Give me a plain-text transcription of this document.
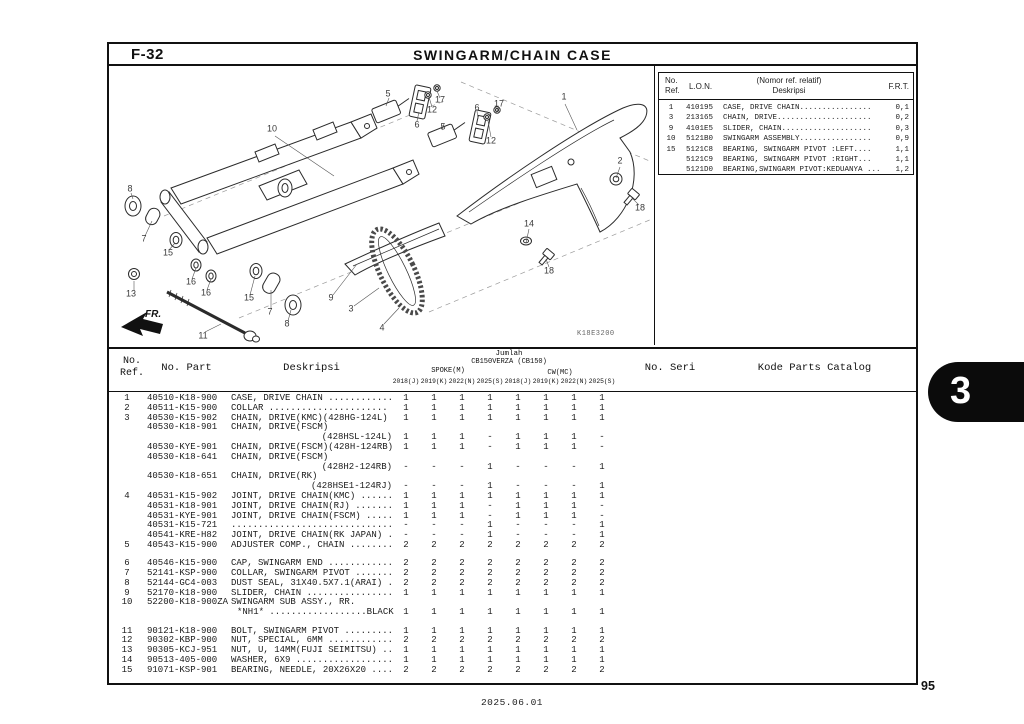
F-32	SWINGARM/CHAIN CASE
8
10
5
17
12
6 5
6 17
12
1
2
18
14
18
7
15
13
16
16	15
7
8
9
3
4
11
FR.
K18E3200
No.
Ref. L.O.N.
(Nomor ref. relatif)
Deskripsi	F.R.T.
1	410195 CASE, DRIVE CHAIN................	0,1
3	213165 CHAIN, DRIVE.....................	0,2
9	4101E5 SLIDER, CHAIN....................	0,3
10	5121B0 SWINGARM ASSEMBLY................	0,9
15	5121C8 BEARING, SWINGARM PIVOT :LEFT....	1,1
5121C9 BEARING, SWINGARM PIVOT :RIGHT...	1,1
5121D0 BEARING,SWINGARM PIVOT:KEDUANYA ... 1,2
No.
Ref.	No. Part	Deskripsi
Jumlah
CB150VERZA (CB150)
SPOKE(M)	CW(MC)	No. Seri	Kode Parts Catalog
2018(J) 2019(K) 2022(N) 2025(S) 2018(J) 2019(K) 2022(N) 2025(S)
1	40510-K18-900 CASE, DRIVE CHAIN ............	1	1	1	1	1	1	1	1
2	40511-K15-900 COLLAR ......................	1	1	1	1	1	1	1	1
3	40530-K15-902 CHAIN, DRIVE(KMC)(428HG-124L)	1	1	1	1	1	1	1	1
40530-K18-901 CHAIN, DRIVE(FSCM)
(428HSL-124L)	1	1	1	-	1	1	1	-
40530-KYE-901 CHAIN, DRIVE(FSCM)(428H-124RB)	1	1	1	-	1	1	1	-
40530-K18-641 CHAIN, DRIVE(FSCM)
(428H2-124RB)	-	-	-	1	-	-	-	1
40530-K18-651 CHAIN, DRIVE(RK)
(428HSE1-124RJ)	-	-	-	1	-	-	-	1
4	40531-K15-902 JOINT, DRIVE CHAIN(KMC) ......	1	1	1	1	1	1	1	1
40531-K18-901 JOINT, DRIVE CHAIN(RJ) .......	1	1	1	-	1	1	1	-
40531-KYE-901 JOINT, DRIVE CHAIN(FSCM) .....	1	1	1	-	1	1	1	-
40531-K15-721 ..............................	-	-	-	1	-	-	-	1
40541-KRE-H82 JOINT, DRIVE CHAIN(RK JAPAN) .	-	-	-	1	-	-	-	1
5	40543-K15-900 ADJUSTER COMP., CHAIN ........	2	2	2	2	2	2	2	2
6	40546-K15-900 CAP, SWINGARM END ............	2	2	2	2	2	2	2	2
7	52141-KSP-900 COLLAR, SWINGARM PIVOT .......	2	2	2	2	2	2	2	2
8	52144-GC4-003 DUST SEAL, 31X40.5X7.1(ARAI) .	2	2	2	2	2	2	2	2
9	52170-K18-900 SLIDER, CHAIN ................	1	1	1	1	1	1	1	1
10	52200-K18-900ZA SWINGARM SUB ASSY., RR.
*NH1* ..................BLACK	1	1	1	1	1	1	1	1
11	90121-K18-900 BOLT, SWINGARM PIVOT .........	1	1	1	1	1	1	1	1
12	90302-KBP-900 NUT, SPECIAL, 6MM ............	2	2	2	2	2	2	2	2
13	90305-KCJ-951 NUT, U, 14MM(FUJI SEIMITSU) ..	1	1	1	1	1	1	1	1
14	90513-405-000 WASHER, 6X9 ..................	1	1	1	1	1	1	1	1
15	91071-KSP-901 BEARING, NEEDLE, 20X26X20 ....	2	2	2	2	2	2	2	2
3
95
2025.06.01
